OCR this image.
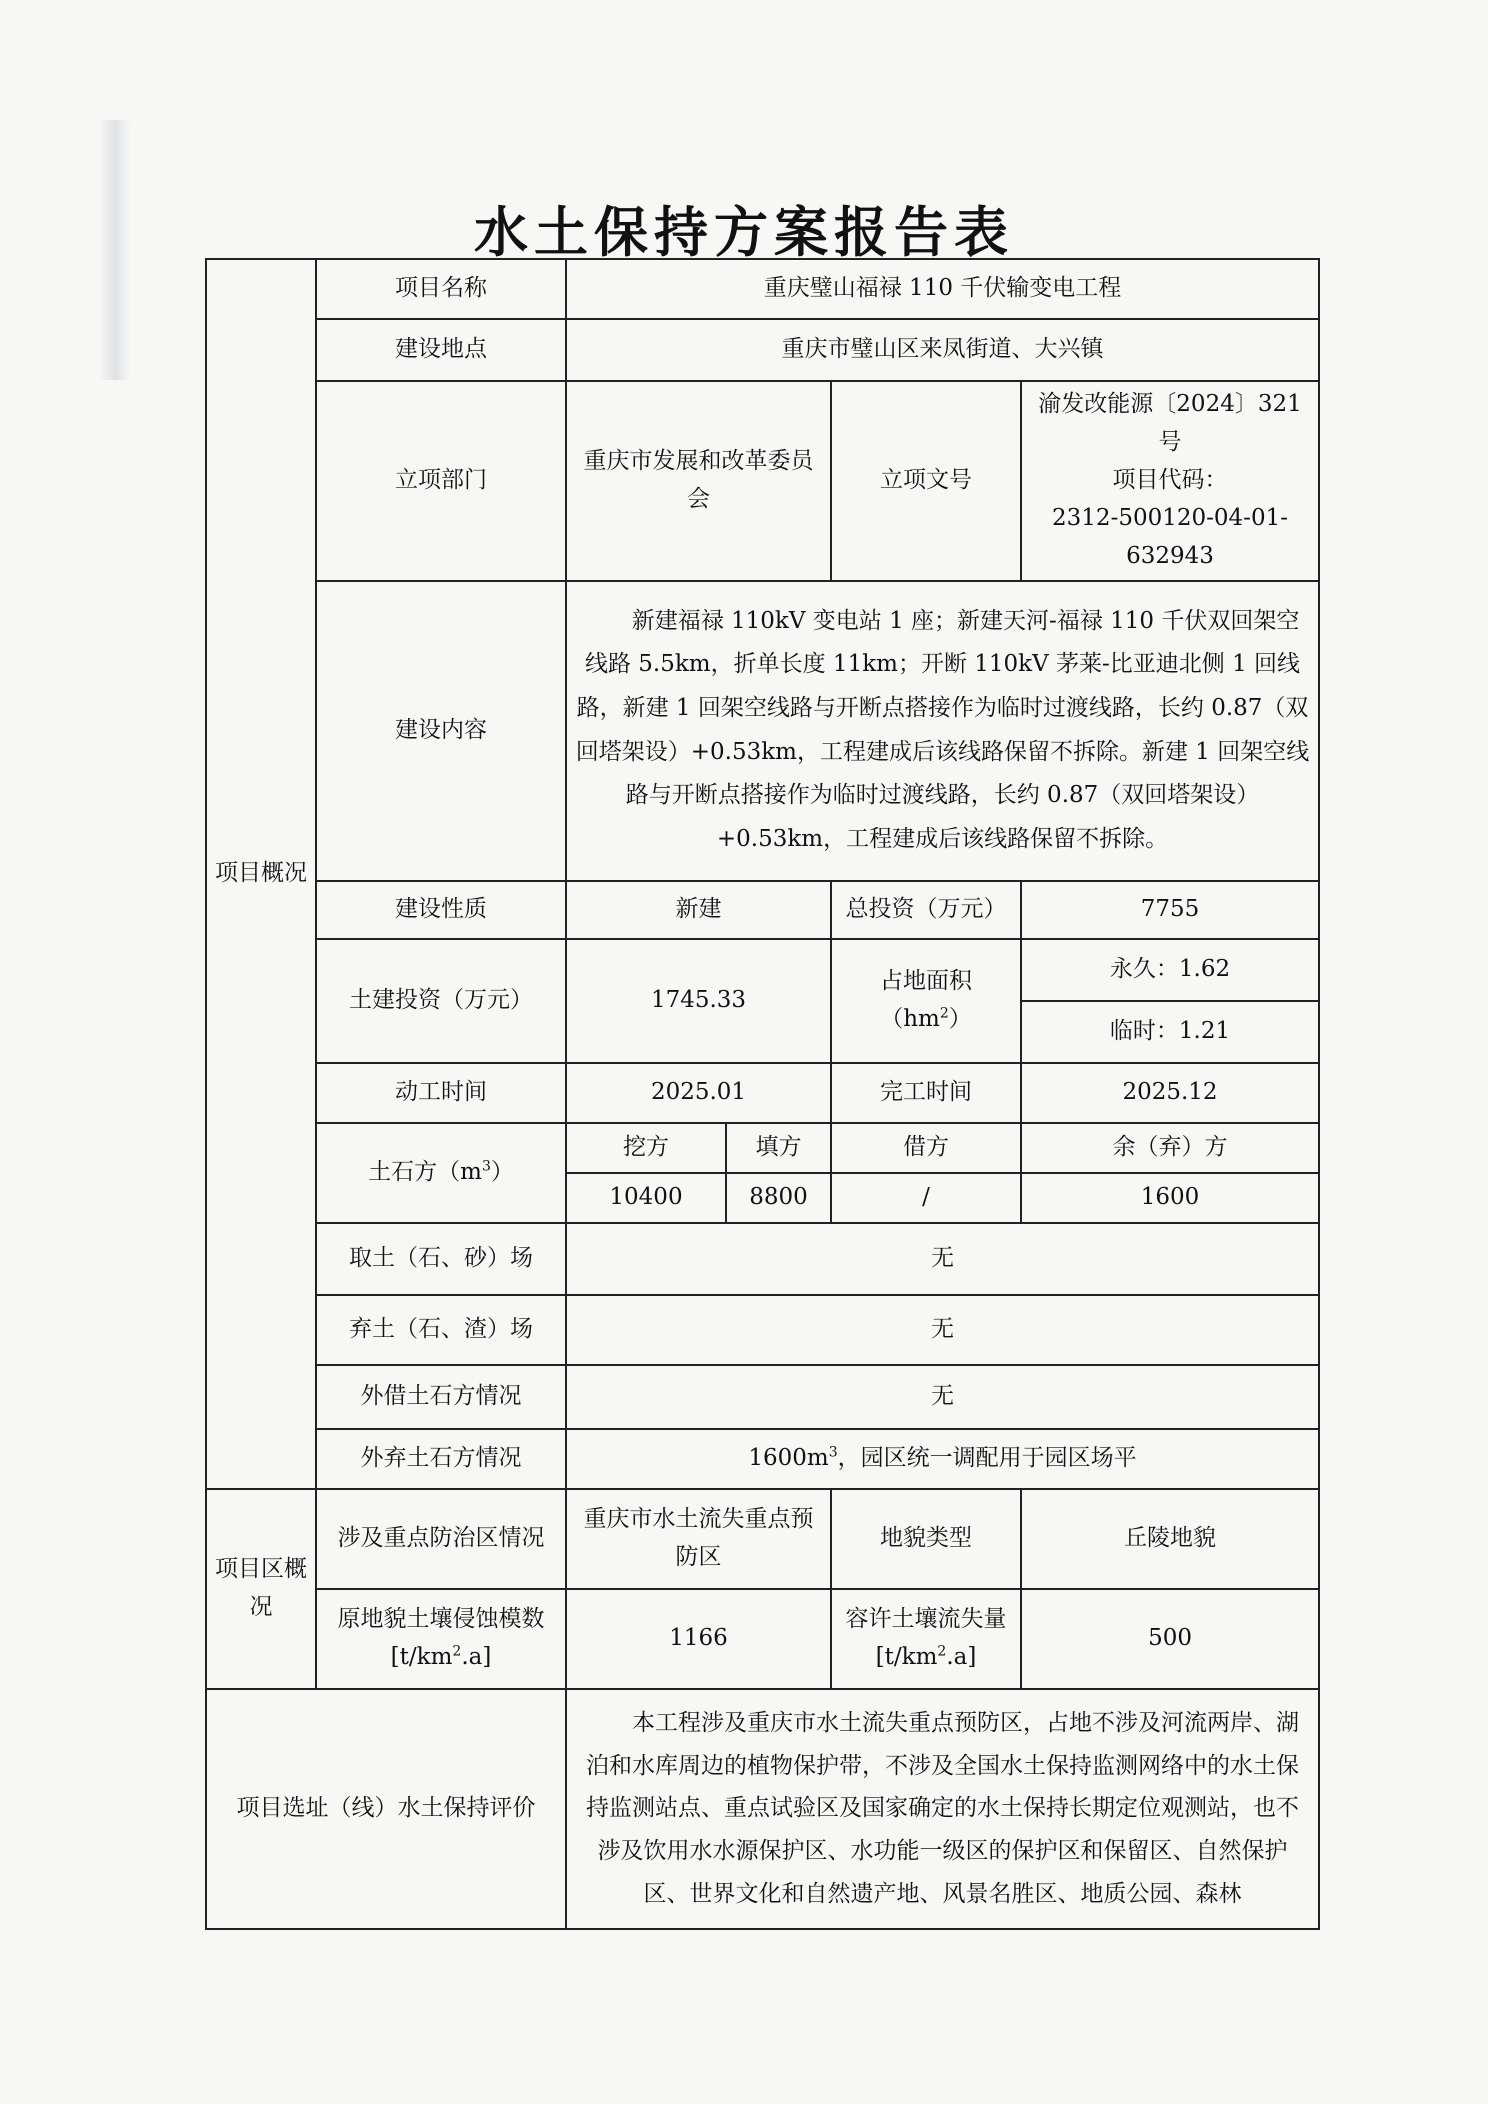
水土保持方案报告表
项目概况	项目名称	重庆璧山福禄 110 千伏输变电工程			
	建设地点	重庆市璧山区来凤街道、大兴镇			
	立项部门	重庆市发展和改革委员会		立项文号	渝发改能源〔2024〕321 号
项目代码：
2312-500120-04-01-632943

	建设内容	新建福禄 110kV 变电站 1 座；新建天河-福禄 110 千伏双回架空线路 5.5km，折单长度 11km；开断 110kV 茅莱-比亚迪北侧 1 回线路，新建 1 回架空线路与开断点搭接作为临时过渡线路，长约 0.87（双回塔架设）+0.53km，工程建成后该线路保留不拆除。新建 1 回架空线路与开断点搭接作为临时过渡线路，长约 0.87（双回塔架设）+0.53km，工程建成后该线路保留不拆除。			
	建设性质	新建		总投资（万元）	7755
	土建投资（万元）	1745.33		占地面积$(hm^2)$	永久：1.62
					临时：1.21
	动工时间	2025.01		完工时间	2025.12
	土石方$(m^3)$	挖方	填方	借方	余（弃）方
		10400	8800	/	1600
	取土（石、砂）场	无			
	弃土（石、渣）场	无			
	外借土石方情况	无			
	外弃土石方情况	$1600m^3$，园区统一调配用于园区场平			
项目区概况	涉及重点防治区情况	重庆市水土流失重点预防区		地貌类型	丘陵地貌
	原地貌土壤侵蚀模数$[t/km^2.a]$	1166		容许土壤流失量$[t/km^2.a]$	500
项目选址（线）水土保持评价		本工程涉及重庆市水土流失重点预防区，占地不涉及河流两岸、湖泊和水库周边的植物保护带，不涉及全国水土保持监测网络中的水土保持监测站点、重点试验区及国家确定的水土保持长期定位观测站，也不涉及饮用水水源保护区、水功能一级区的保护区和保留区、自然保护区、世界文化和自然遗产地、风景名胜区、地质公园、森林			
